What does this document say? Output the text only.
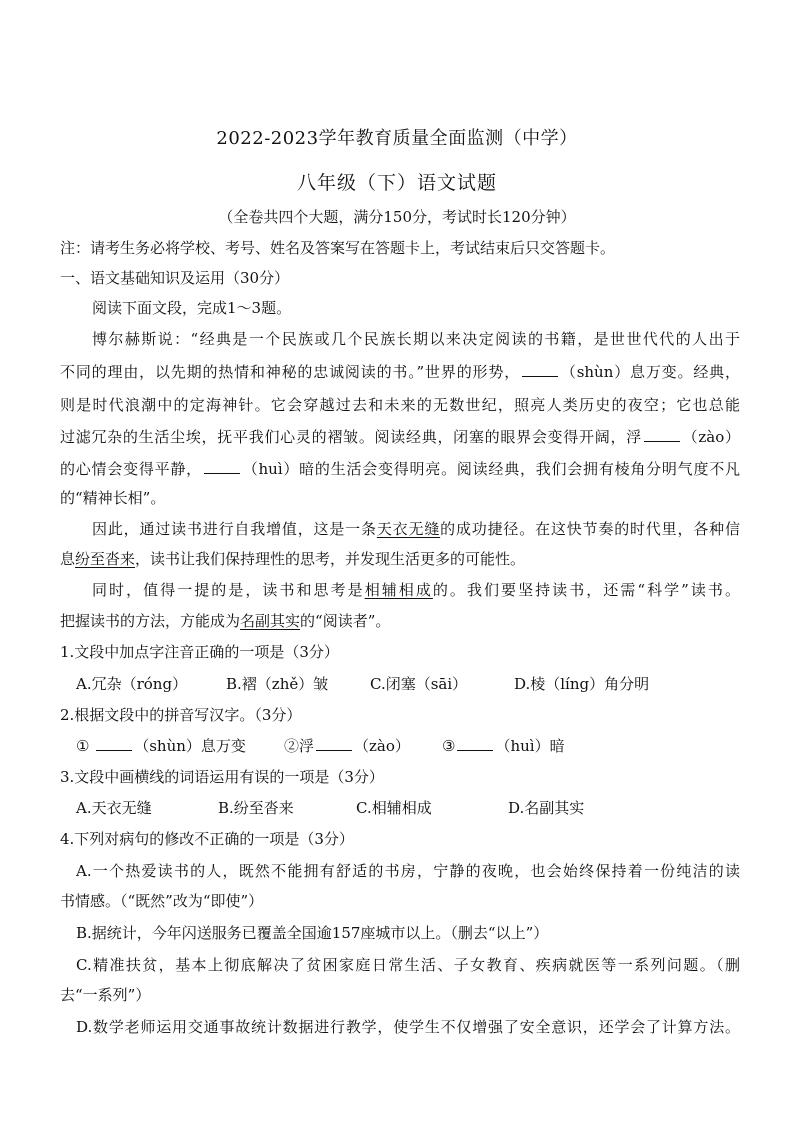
2022-2023学年教育质量全面监测（中学）
八年级（下）语文试题
（全卷共四个大题，满分150分，考试时长120分钟）
注：请考生务必将学校、考号、姓名及答案写在答题卡上，考试结束后只交答题卡。
一、语文基础知识及运用（30分）
阅读下面文段，完成1～3题。
博尔赫斯说：“经典是一个民族或几个民族长期以来决定阅读的书籍，是世世代代的人出于
不同的理由，以先期的热情和神秘的忠诚阅读的书。”世界的形势，	（shùn）息万变。经典，
则是时代浪潮中的定海神针。它会穿越过去和未来的无数世纪，照亮人类历史的夜空；它也总能
过滤冗杂的生活尘埃，抚平我们心灵的褶皱。阅读经典，闭塞的眼界会变得开阔，浮	（zào）
的心情会变得平静，	（huì）暗的生活会变得明亮。阅读经典，我们会拥有棱角分明气度不凡
的“精神长相”。
因此，通过读书进行自我增值，这是一条天衣无缝的成功捷径。在这快节奏的时代里，各种信
息纷至沓来，读书让我们保持理性的思考，并发现生活更多的可能性。
同时，值得一提的是，读书和思考是相辅相成的。我们要坚持读书，还需“科学”读书。
把握读书的方法，方能成为名副其实的“阅读者”。
1.文段中加点字注音正确的一项是（3分）
A.冗杂（róng）	B.褶（zhě）皱	C.闭塞（sāi）	D.棱（líng）角分明
2.根据文段中的拼音写汉字。（3分）
①	（shùn）息万变	②浮	（zào） ③	（huì）暗
3.文段中画横线的词语运用有误的一项是（3分）
A.天衣无缝	B.纷至沓来	C.相辅相成	D.名副其实
4.下列对病句的修改不正确的一项是（3分）
A.一个热爱读书的人，既然不能拥有舒适的书房，宁静的夜晚，也会始终保持着一份纯洁的读
书情感。（“既然”改为“即使”）
B.据统计，今年闪送服务已覆盖全国逾157座城市以上。（删去“以上”）
C.精准扶贫，基本上彻底解决了贫困家庭日常生活、子女教育、疾病就医等一系列问题。（删
去“一系列”）
D.数学老师运用交通事故统计数据进行教学，使学生不仅增强了安全意识，还学会了计算方法。
